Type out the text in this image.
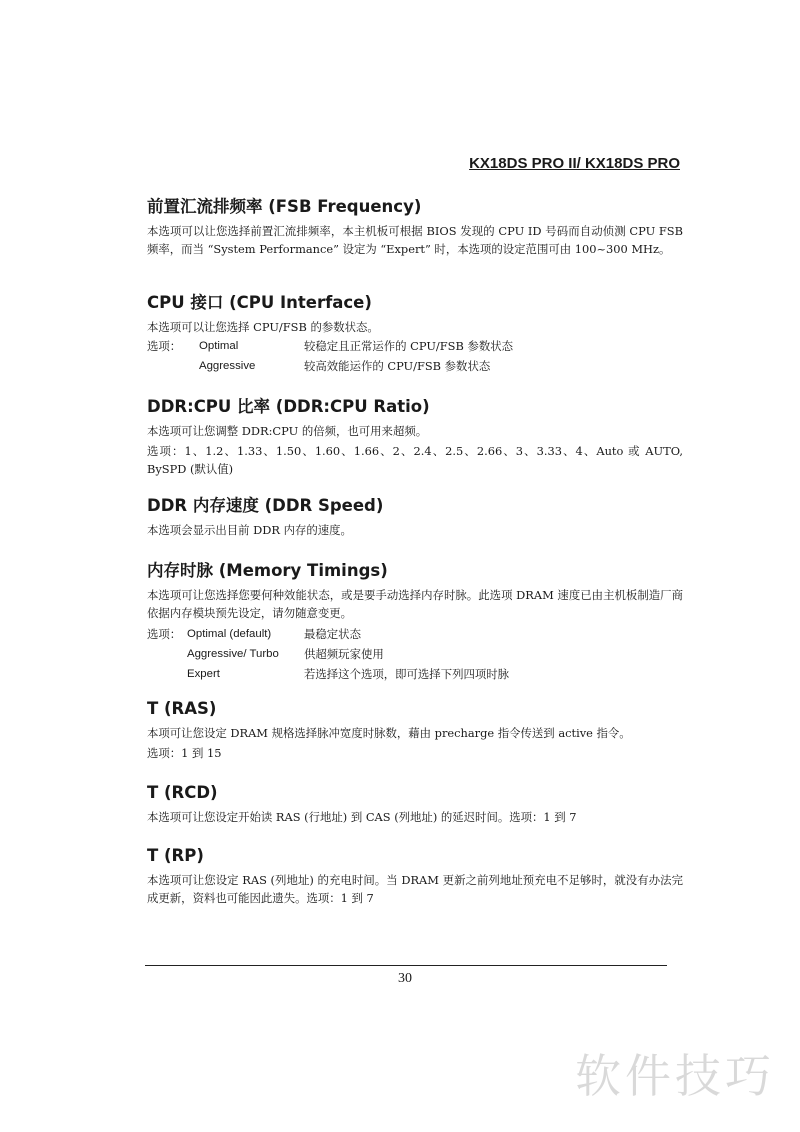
KX18DS PRO II/ KX18DS PRO
前置汇流排频率 (FSB Frequency)

本选项可以让您选择前置汇流排频率，本主机板可根据 BIOS 发现的 CPU ID 号码而自动侦测 CPU FSB 频率，而当 “System Performance” 设定为 “Expert” 时，本选项的设定范围可由 100~300 MHz。

CPU 接口 (CPU Interface)

本选项可以让您选择 CPU/FSB 的参数状态。

选项：	Optimal	较稳定且正常运作的 CPU/FSB 参数状态
Aggressive	较高效能运作的 CPU/FSB 参数状态
DDR:CPU 比率 (DDR:CPU Ratio)

本选项可让您调整 DDR:CPU 的倍频，也可用来超频。

选项：1、1.2、1.33、1.50、1.60、1.66、2、2.4、2.5、2.66、3、3.33、4、Auto 或 AUTO, BySPD (默认值)

DDR 内存速度 (DDR Speed)

本选项会显示出目前 DDR 内存的速度。

内存时脉 (Memory Timings)

本选项可让您选择您要何种效能状态，或是要手动选择内存时脉。此选项 DRAM 速度已由主机板制造厂商依据内存模块预先设定，请勿随意变更。

选项： Optimal (default)	最稳定状态
Aggressive/ Turbo	供超频玩家使用
Expert	若选择这个选项，即可选择下列四项时脉
T (RAS)

本项可让您设定 DRAM 规格选择脉冲宽度时脉数，藉由 precharge 指令传送到 active 指令。

选项：1 到 15

T (RCD)

本选项可让您设定开始读 RAS (行地址) 到 CAS (列地址) 的延迟时间。选项：1 到 7

T (RP)

本选项可让您设定 RAS (列地址) 的充电时间。当 DRAM 更新之前列地址预充电不足够时，就没有办法完成更新，资料也可能因此遗失。选项：1 到 7

30
软件技巧
